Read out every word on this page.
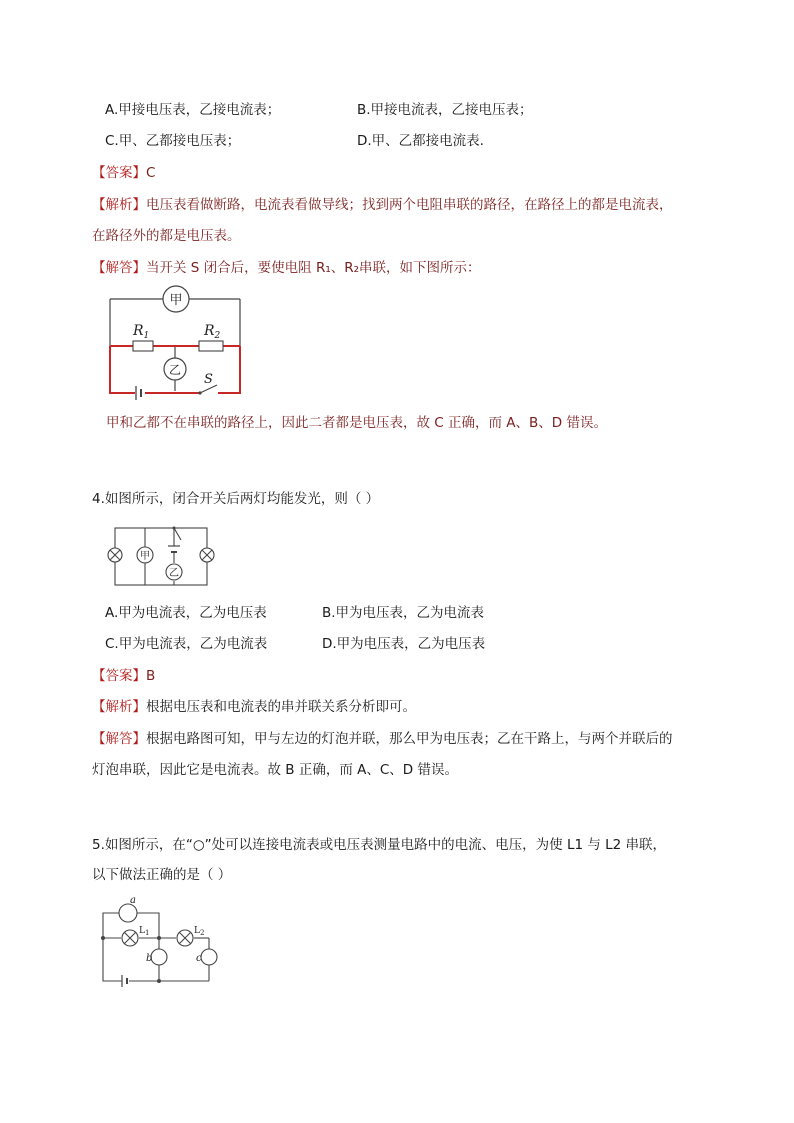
A.甲接电压表，乙接电流表；	B.甲接电流表，乙接电压表；
C.甲、乙都接电压表；	D.甲、乙都接电流表.
【答案】C
【解析】电压表看做断路，电流表看做导线；找到两个电阻串联的路径，在路径上的都是电流表，
在路径外的都是电压表。
【解答】当开关 S 闭合后，要使电阻 R₁、R₂串联，如下图所示：
甲
$R_1$	$R_2$
乙
S
甲和乙都不在串联的路径上，因此二者都是电压表，故 C 正确，而 A、B、D 错误。
4.如图所示，闭合开关后两灯均能发光，则（ ）
甲
乙
A.甲为电流表，乙为电压表	B.甲为电压表，乙为电流表
C.甲为电流表，乙为电流表	D.甲为电压表，乙为电压表
【答案】B
【解析】根据电压表和电流表的串并联关系分析即可。
【解答】根据电路图可知，甲与左边的灯泡并联，那么甲为电压表；乙在干路上，与两个并联后的
灯泡串联，因此它是电流表。故 B 正确，而 A、C、D 错误。
5.如图所示，在“○”处可以连接电流表或电压表测量电路中的电流、电压，为使 L1 与 L2 串联，
以下做法正确的是（ ）
a
$L_1$	$L_2$
b	c
